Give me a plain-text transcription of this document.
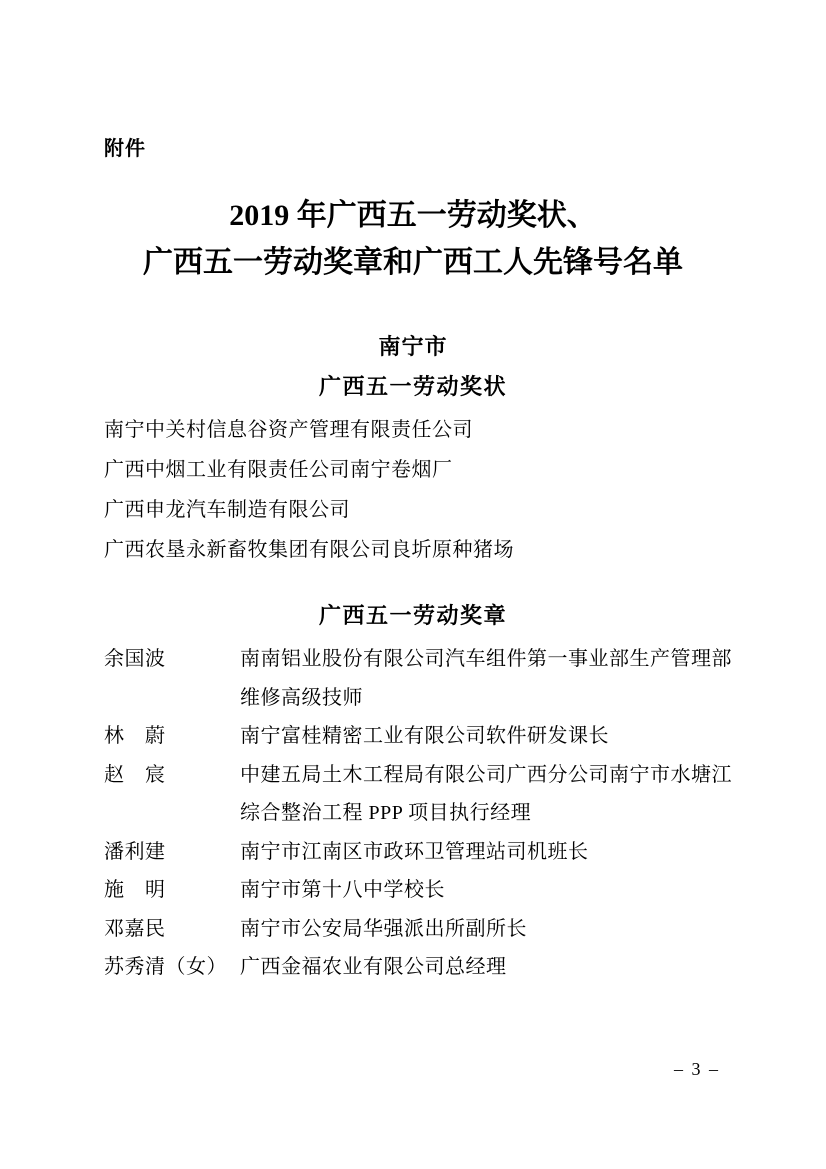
附件
2019 年广西五一劳动奖状、
广西五一劳动奖章和广西工人先锋号名单
南宁市
广西五一劳动奖状
南宁中关村信息谷资产管理有限责任公司
广西中烟工业有限责任公司南宁卷烟厂
广西申龙汽车制造有限公司
广西农垦永新畜牧集团有限公司良圻原种猪场
广西五一劳动奖章
余国波	南南铝业股份有限公司汽车组件第一事业部生产管理部维修高级技师
林　蔚	南宁富桂精密工业有限公司软件研发课长
赵　宸	中建五局土木工程局有限公司广西分公司南宁市水塘江综合整治工程 PPP 项目执行经理
潘利建	南宁市江南区市政环卫管理站司机班长
施　明	南宁市第十八中学校长
邓嘉民	南宁市公安局华强派出所副所长
苏秀清（女） 广西金福农业有限公司总经理
– 3 –
